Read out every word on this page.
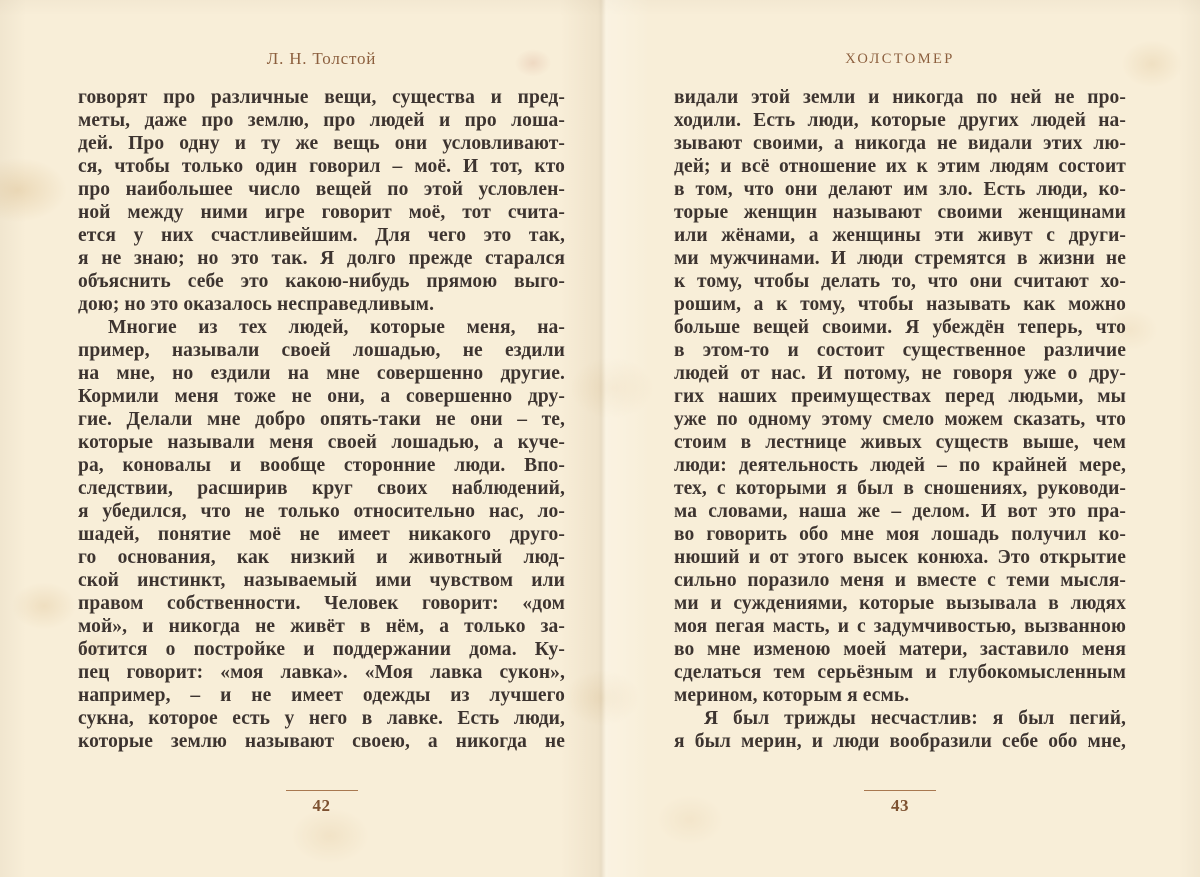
Л. Н. Толстой
говорят про различные вещи, существа и пред-
меты, даже про землю, про людей и про лоша-
дей. Про одну и ту же вещь они условливают-
ся, чтобы только один говорил – моё. И тот, кто
про наибольшее число вещей по этой условлен-
ной между ними игре говорит моё, тот счита-
ется у них счастливейшим. Для чего это так,
я не знаю; но это так. Я долго прежде старался
объяснить себе это какою-нибудь прямою выго-
дою; но это оказалось несправедливым.
Многие из тех людей, которые меня, на-
пример, называли своей лошадью, не ездили
на мне, но ездили на мне совершенно другие.
Кормили меня тоже не они, а совершенно дру-
гие. Делали мне добро опять-таки не они – те,
которые называли меня своей лошадью, а куче-
ра, коновалы и вообще сторонние люди. Впо-
следствии, расширив круг своих наблюдений,
я убедился, что не только относительно нас, ло-
шадей, понятие моё не имеет никакого друго-
го основания, как низкий и животный люд-
ской инстинкт, называемый ими чувством или
правом собственности. Человек говорит: «дом
мой», и никогда не живёт в нём, а только за-
ботится о постройке и поддержании дома. Ку-
пец говорит: «моя лавка». «Моя лавка сукон»,
например, – и не имеет одежды из лучшего
сукна, которое есть у него в лавке. Есть люди,
которые землю называют своею, а никогда не
42
ХОЛСТОМЕР
видали этой земли и никогда по ней не про-
ходили. Есть люди, которые других людей на-
зывают своими, а никогда не видали этих лю-
дей; и всё отношение их к этим людям состоит
в том, что они делают им зло. Есть люди, ко-
торые женщин называют своими женщинами
или жёнами, а женщины эти живут с други-
ми мужчинами. И люди стремятся в жизни не
к тому, чтобы делать то, что они считают хо-
рошим, а к тому, чтобы называть как можно
больше вещей своими. Я убеждён теперь, что
в этом-то и состоит существенное различие
людей от нас. И потому, не говоря уже о дру-
гих наших преимуществах перед людьми, мы
уже по одному этому смело можем сказать, что
стоим в лестнице живых существ выше, чем
люди: деятельность людей – по крайней мере,
тех, с которыми я был в сношениях, руководи-
ма словами, наша же – делом. И вот это пра-
во говорить обо мне моя лошадь получил ко-
нюший и от этого высек конюха. Это открытие
сильно поразило меня и вместе с теми мысля-
ми и суждениями, которые вызывала в людях
моя пегая масть, и с задумчивостью, вызванною
во мне изменою моей матери, заставило меня
сделаться тем серьёзным и глубокомысленным
мерином, которым я есмь.
Я был трижды несчастлив: я был пегий,
я был мерин, и люди вообразили себе обо мне,
43
